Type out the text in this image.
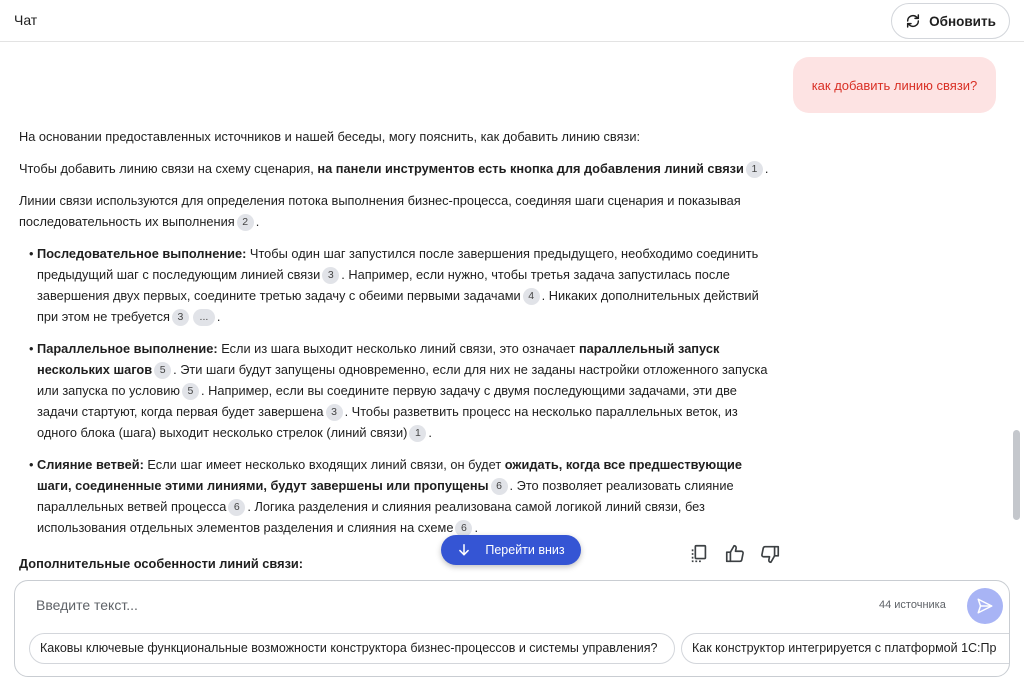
Чат	Обновить
как добавить линию связи?

На основании предоставленных источников и нашей беседы, могу пояснить, как добавить линию связи:

Чтобы добавить линию связи на схему сценария, на панели инструментов есть кнопка для добавления линий связи 1 .

Линии связи используются для определения потока выполнения бизнес-процесса, соединяя шаги сценария и показывая последовательность их выполнения 2 .

• Последовательное выполнение: Чтобы один шаг запустился после завершения предыдущего, необходимо соединить предыдущий шаг с последующим линией связи 3 . Например, если нужно, чтобы третья задача запустилась после завершения двух первых, соедините третью задачу с обеими первыми задачами 4 . Никаких дополнительных действий при этом не требуется 3 ... .
• Параллельное выполнение: Если из шага выходит несколько линий связи, это означает параллельный запуск нескольких шагов 5 . Эти шаги будут запущены одновременно, если для них не заданы настройки отложенного запуска или запуска по условию 5 . Например, если вы соедините первую задачу с двумя последующими задачами, эти две задачи стартуют, когда первая будет завершена 3 . Чтобы разветвить процесс на несколько параллельных веток, из одного блока (шага) выходит несколько стрелок (линий связи) 1 .
• Слияние ветвей: Если шаг имеет несколько входящих линий связи, он будет ожидать, когда все предшествующие шаги, соединенные этими линиями, будут завершены или пропущены 6 . Это позволяет реализовать слияние параллельных ветвей процесса 6 . Логика разделения и слияния реализована самой логикой линий связи, без использования отдельных элементов разделения и слияния на схеме 6 .
Дополнительные особенности линий связи:
Перейти вниз
Введите текст...
44 источника
Каковы ключевые функциональные возможности конструктора бизнес-процессов и системы управления?	Как конструктор интегрируется с платформой 1С:Пр
